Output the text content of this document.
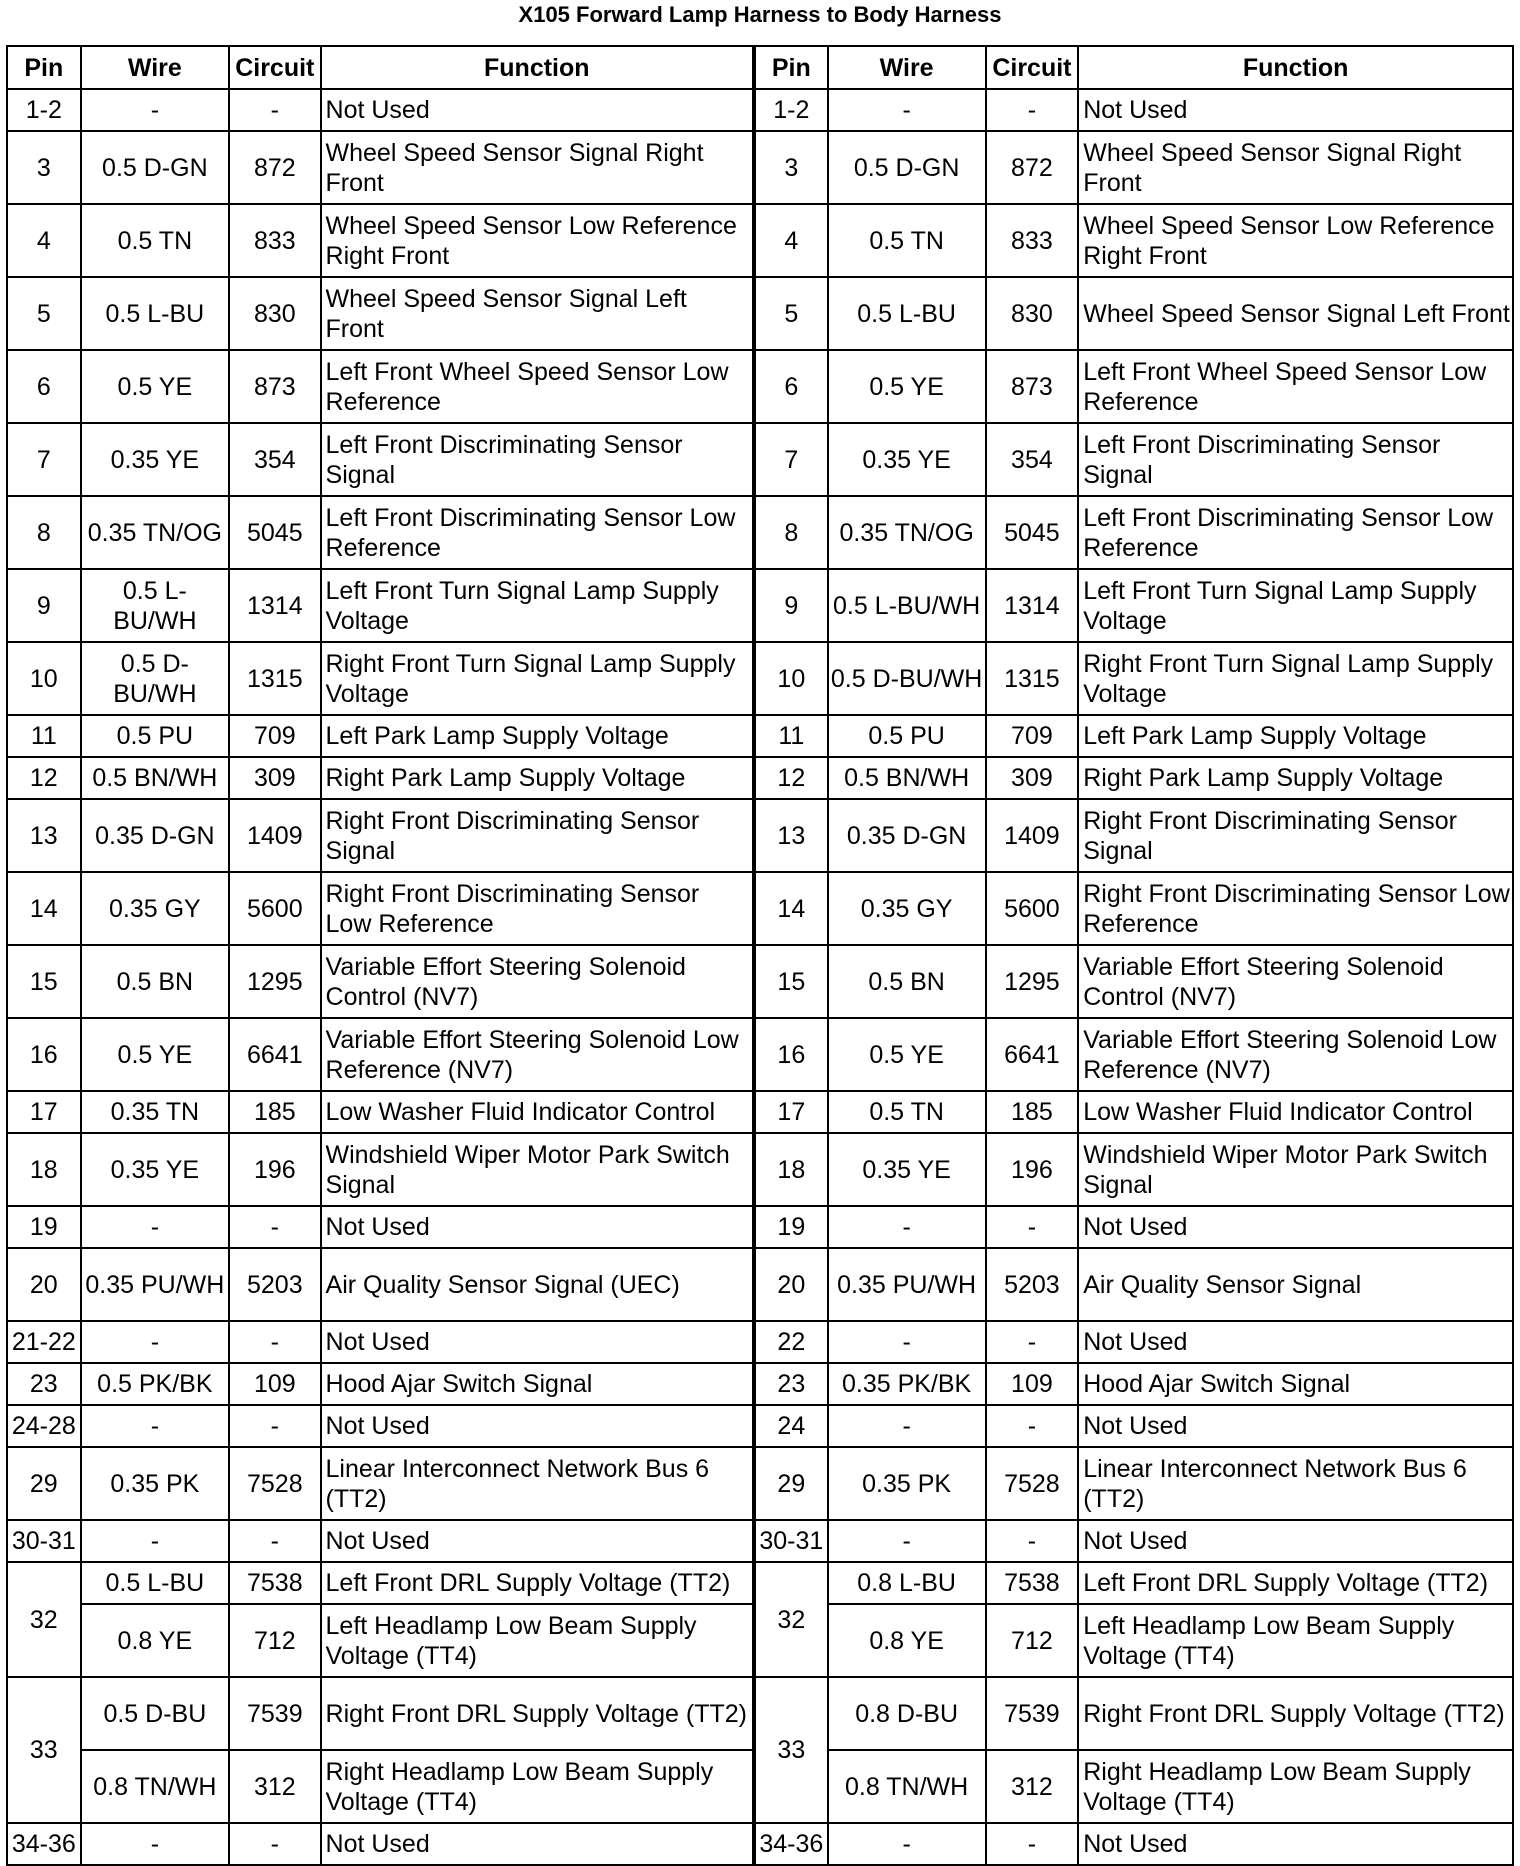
X105 Forward Lamp Harness to Body Harness
Pin	Wire	Circuit	Function	Pin	Wire	Circuit	Function
1-2	-	-	Not Used	1-2	-	-	Not Used
3	0.5 D-GN	872	Wheel Speed Sensor Signal Right Front	3	0.5 D-GN	872	Wheel Speed Sensor Signal Right Front
4	0.5 TN	833	Wheel Speed Sensor Low Reference Right Front	4	0.5 TN	833	Wheel Speed Sensor Low Reference Right Front
5	0.5 L-BU	830	Wheel Speed Sensor Signal Left Front	5	0.5 L-BU	830	Wheel Speed Sensor Signal Left Front
6	0.5 YE	873	Left Front Wheel Speed Sensor Low Reference	6	0.5 YE	873	Left Front Wheel Speed Sensor Low Reference
7	0.35 YE	354	Left Front Discriminating Sensor Signal	7	0.35 YE	354	Left Front Discriminating Sensor Signal
8	0.35 TN/OG	5045	Left Front Discriminating Sensor Low Reference	8	0.35 TN/OG	5045	Left Front Discriminating Sensor Low Reference
9	0.5 L-BU/WH	1314	Left Front Turn Signal Lamp Supply Voltage	9	0.5 L-BU/WH	1314	Left Front Turn Signal Lamp Supply Voltage
10	0.5 D-BU/WH	1315	Right Front Turn Signal Lamp Supply Voltage	10	0.5 D-BU/WH	1315	Right Front Turn Signal Lamp Supply Voltage
11	0.5 PU	709	Left Park Lamp Supply Voltage	11	0.5 PU	709	Left Park Lamp Supply Voltage
12	0.5 BN/WH	309	Right Park Lamp Supply Voltage	12	0.5 BN/WH	309	Right Park Lamp Supply Voltage
13	0.35 D-GN	1409	Right Front Discriminating Sensor Signal	13	0.35 D-GN	1409	Right Front Discriminating Sensor Signal
14	0.35 GY	5600	Right Front Discriminating Sensor Low Reference	14	0.35 GY	5600	Right Front Discriminating Sensor Low Reference
15	0.5 BN	1295	Variable Effort Steering Solenoid Control (NV7)	15	0.5 BN	1295	Variable Effort Steering Solenoid Control (NV7)
16	0.5 YE	6641	Variable Effort Steering Solenoid Low Reference (NV7)	16	0.5 YE	6641	Variable Effort Steering Solenoid Low Reference (NV7)
17	0.35 TN	185	Low Washer Fluid Indicator Control	17	0.5 TN	185	Low Washer Fluid Indicator Control
18	0.35 YE	196	Windshield Wiper Motor Park Switch Signal	18	0.35 YE	196	Windshield Wiper Motor Park Switch Signal
19	-	-	Not Used	19	-	-	Not Used
20	0.35 PU/WH	5203	Air Quality Sensor Signal (UEC)	20	0.35 PU/WH	5203	Air Quality Sensor Signal
21-22	-	-	Not Used	22	-	-	Not Used
23	0.5 PK/BK	109	Hood Ajar Switch Signal	23	0.35 PK/BK	109	Hood Ajar Switch Signal
24-28	-	-	Not Used	24	-	-	Not Used
29	0.35 PK	7528	Linear Interconnect Network Bus 6 (TT2)	29	0.35 PK	7528	Linear Interconnect Network Bus 6 (TT2)
30-31	-	-	Not Used	30-31	-	-	Not Used
32	0.5 L-BU	7538	Left Front DRL Supply Voltage (TT2)	32	0.8 L-BU	7538	Left Front DRL Supply Voltage (TT2)
	0.8 YE	712	Left Headlamp Low Beam Supply Voltage (TT4)		0.8 YE	712	Left Headlamp Low Beam Supply Voltage (TT4)
33	0.5 D-BU	7539	Right Front DRL Supply Voltage (TT2)	33	0.8 D-BU	7539	Right Front DRL Supply Voltage (TT2)
	0.8 TN/WH	312	Right Headlamp Low Beam Supply Voltage (TT4)		0.8 TN/WH	312	Right Headlamp Low Beam Supply Voltage (TT4)
34-36	-	-	Not Used	34-36	-	-	Not Used
